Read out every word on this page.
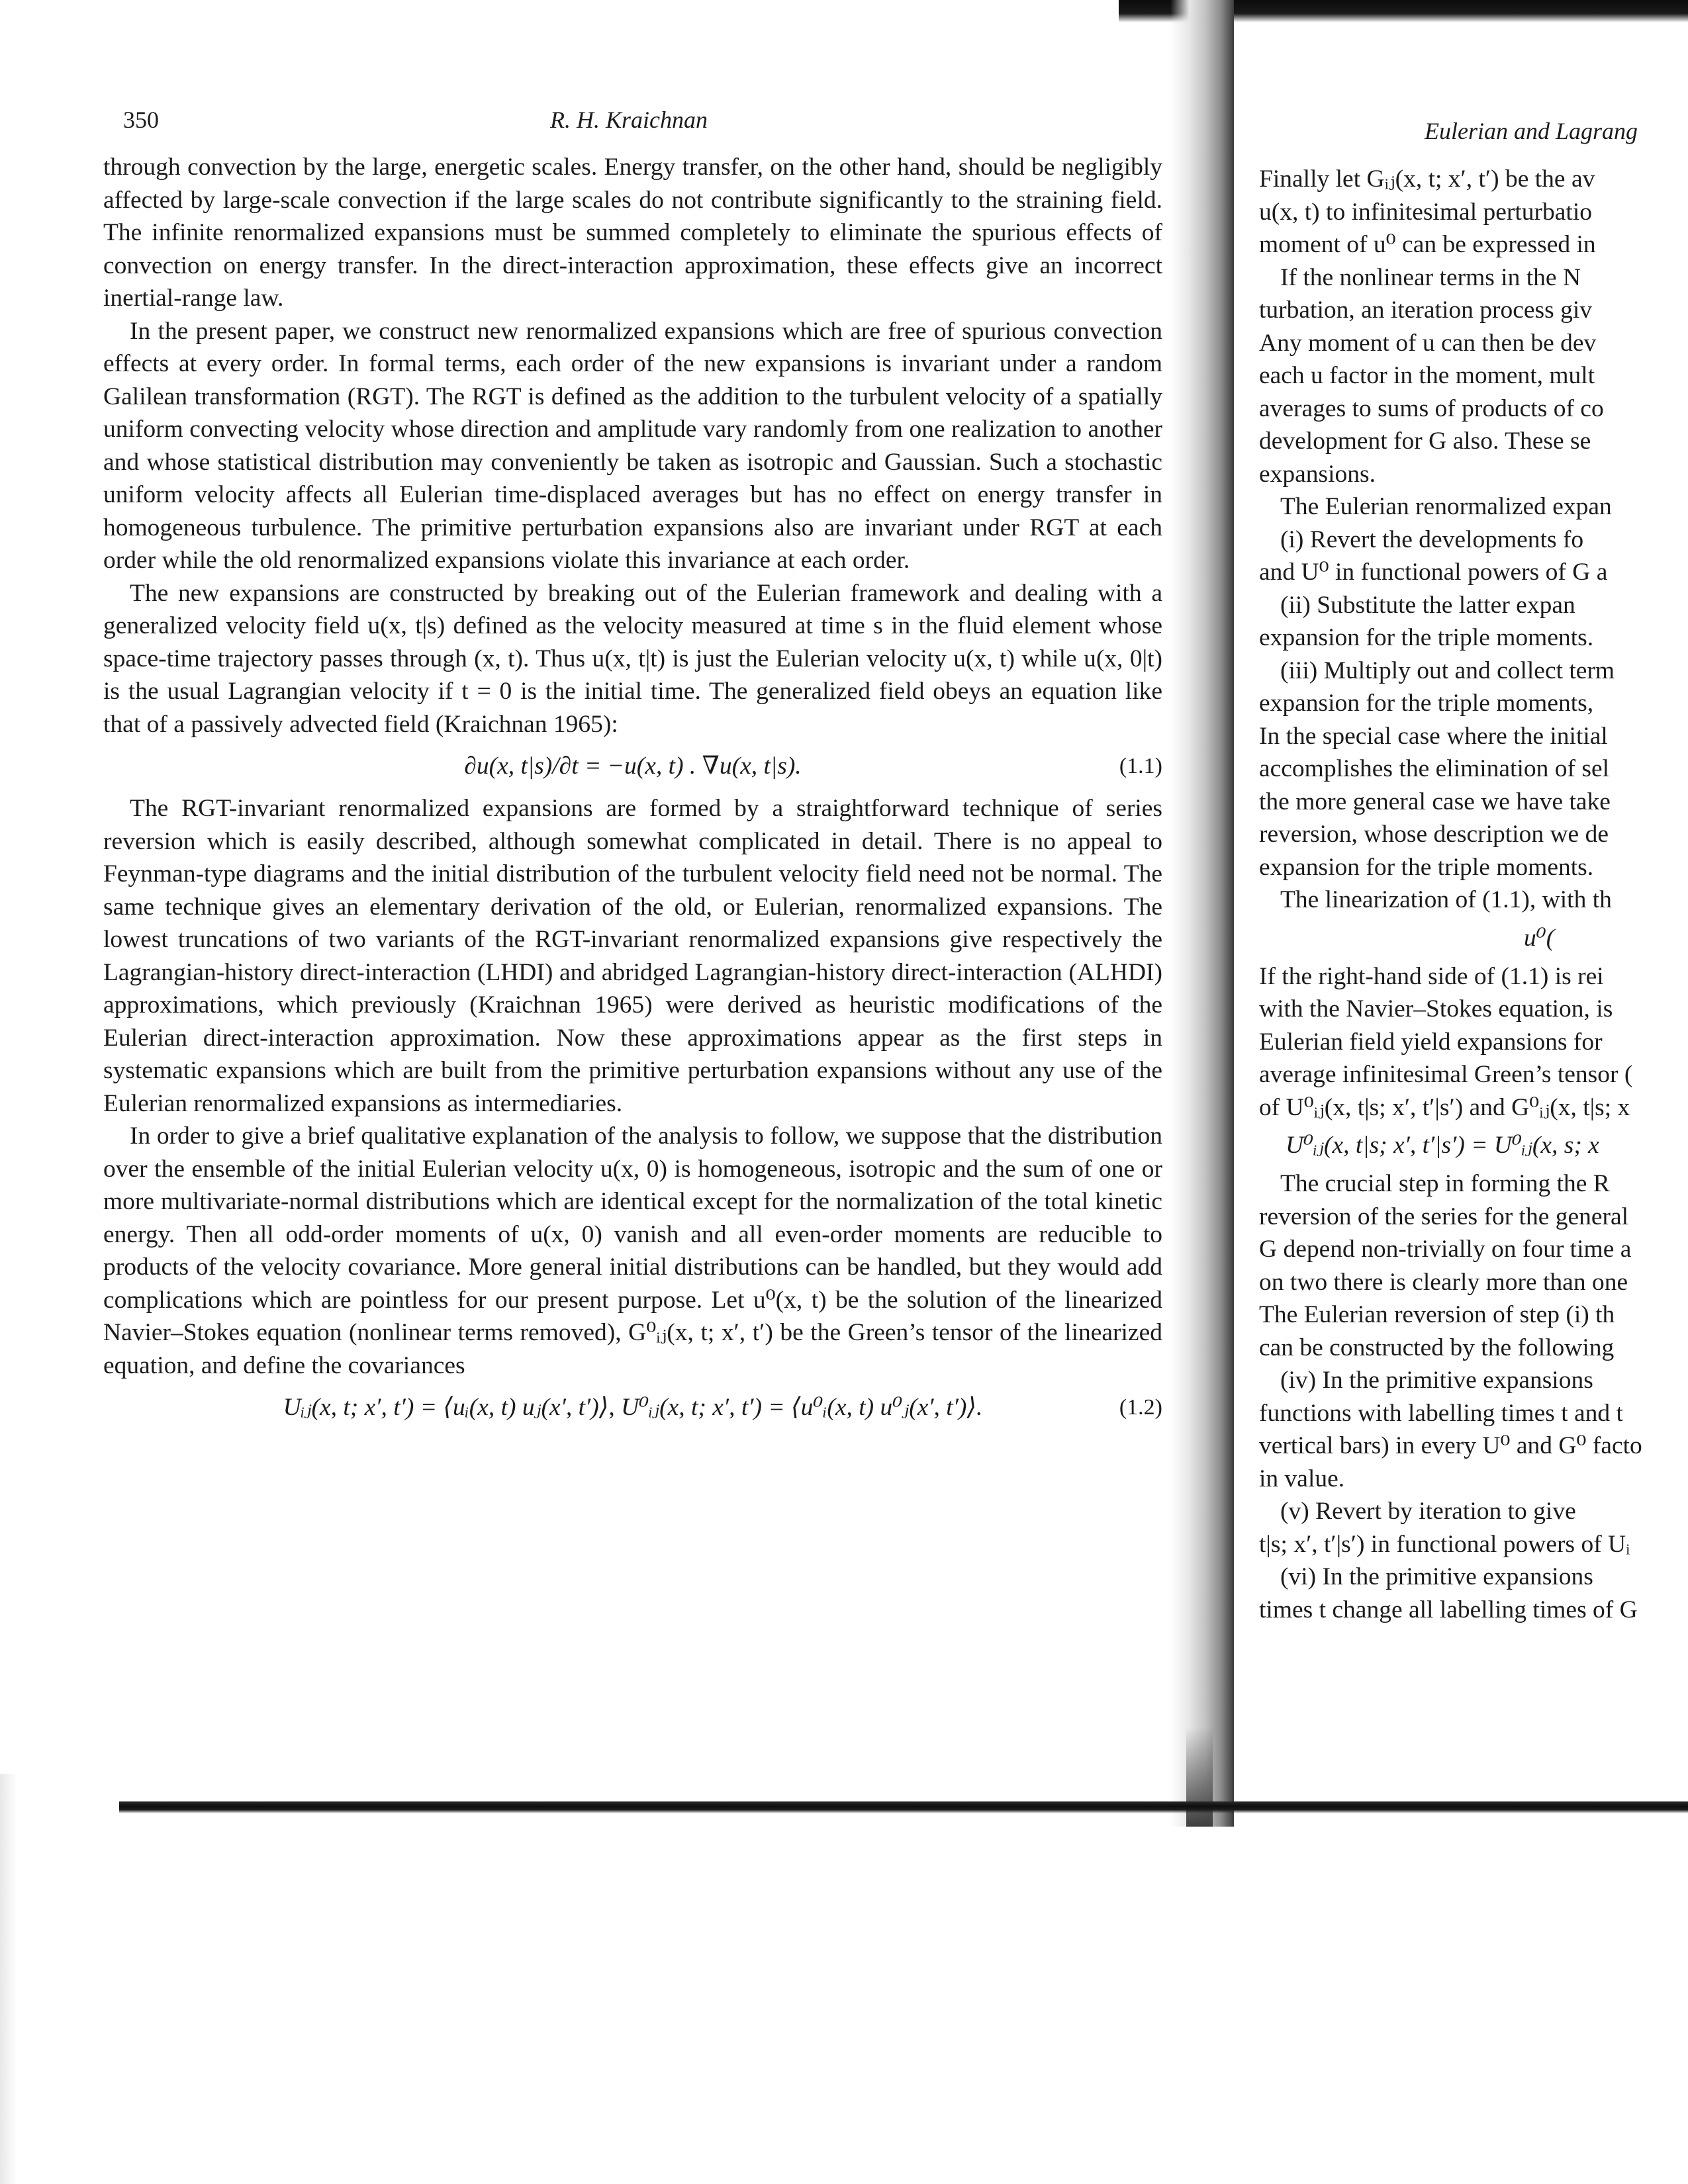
350	R. H. Kraichnan

through convection by the large, energetic scales. Energy transfer, on the other hand, should be negligibly affected by large-scale convection if the large scales do not contribute significantly to the straining field. The infinite renormalized expansions must be summed completely to eliminate the spurious effects of convection on energy transfer. In the direct-interaction approximation, these effects give an incorrect inertial-range law.

In the present paper, we construct new renormalized expansions which are free of spurious convection effects at every order. In formal terms, each order of the new expansions is invariant under a random Galilean transformation (RGT). The RGT is defined as the addition to the turbulent velocity of a spatially uniform convecting velocity whose direction and amplitude vary randomly from one realization to another and whose statistical distribution may conveniently be taken as isotropic and Gaussian. Such a stochastic uniform velocity affects all Eulerian time-displaced averages but has no effect on energy transfer in homogeneous turbulence. The primitive perturbation expansions also are invariant under RGT at each order while the old renormalized expansions violate this invariance at each order.

The new expansions are constructed by breaking out of the Eulerian framework and dealing with a generalized velocity field u(x, t|s) defined as the velocity measured at time s in the fluid element whose space-time trajectory passes through (x, t). Thus u(x, t|t) is just the Eulerian velocity u(x, t) while u(x, 0|t) is the usual Lagrangian velocity if t = 0 is the initial time. The generalized field obeys an equation like that of a passively advected field (Kraichnan 1965):

∂u(x, t|s)/∂t = −u(x, t) . ∇u(x, t|s).	(1.1)

The RGT-invariant renormalized expansions are formed by a straightforward technique of series reversion which is easily described, although somewhat complicated in detail. There is no appeal to Feynman-type diagrams and the initial distribution of the turbulent velocity field need not be normal. The same technique gives an elementary derivation of the old, or Eulerian, renormalized expansions. The lowest truncations of two variants of the RGT-invariant renormalized expansions give respectively the Lagrangian-history direct-interaction (LHDI) and abridged Lagrangian-history direct-interaction (ALHDI) approximations, which previously (Kraichnan 1965) were derived as heuristic modifications of the Eulerian direct-interaction approximation. Now these approximations appear as the first steps in systematic expansions which are built from the primitive perturbation expansions without any use of the Eulerian renormalized expansions as intermediaries.

In order to give a brief qualitative explanation of the analysis to follow, we suppose that the distribution over the ensemble of the initial Eulerian velocity u(x, 0) is homogeneous, isotropic and the sum of one or more multivariate-normal distributions which are identical except for the normalization of the total kinetic energy. Then all odd-order moments of u(x, 0) vanish and all even-order moments are reducible to products of the velocity covariance. More general initial distributions can be handled, but they would add complications which are pointless for our present purpose. Let u⁰(x, t) be the solution of the linearized Navier–Stokes equation (nonlinear terms removed), G⁰ᵢⱼ(x, t; x′, t′) be the Green’s tensor of the linearized equation, and define the covariances

Uᵢⱼ(x, t; x′, t′) = ⟨uᵢ(x, t) uⱼ(x′, t′)⟩, U⁰ᵢⱼ(x, t; x′, t′) = ⟨u⁰ᵢ(x, t) u⁰ⱼ(x′, t′)⟩.	(1.2)
Eulerian and Lagrang
Finally let Gᵢⱼ(x, t; x′, t′) be the av
u(x, t) to infinitesimal perturbatio
moment of u⁰ can be expressed in
If the nonlinear terms in the N
turbation, an iteration process giv
Any moment of u can then be dev
each u factor in the moment, mult
averages to sums of products of co
development for G also. These se
expansions.
The Eulerian renormalized expan
(i) Revert the developments fo
and U⁰ in functional powers of G a
(ii) Substitute the latter expan
expansion for the triple moments.
(iii) Multiply out and collect term
expansion for the triple moments,
In the special case where the initial
accomplishes the elimination of sel
the more general case we have take
reversion, whose description we de
expansion for the triple moments.
The linearization of (1.1), with th
u⁰(
If the right-hand side of (1.1) is rei
with the Navier–Stokes equation, is
Eulerian field yield expansions for
average infinitesimal Green’s tensor (
of U⁰ᵢⱼ(x, t|s; x′, t′|s′) and G⁰ᵢⱼ(x, t|s; x
U⁰ᵢⱼ(x, t|s; x′, t′|s′) = U⁰ᵢⱼ(x, s; x
The crucial step in forming the R
reversion of the series for the general
G depend non-trivially on four time a
on two there is clearly more than one
The Eulerian reversion of step (i) th
can be constructed by the following
(iv) In the primitive expansions
functions with labelling times t and t
vertical bars) in every U⁰ and G⁰ facto
in value.
(v) Revert by iteration to give
t|s; x′, t′|s′) in functional powers of Uᵢ
(vi) In the primitive expansions
times t change all labelling times of G
